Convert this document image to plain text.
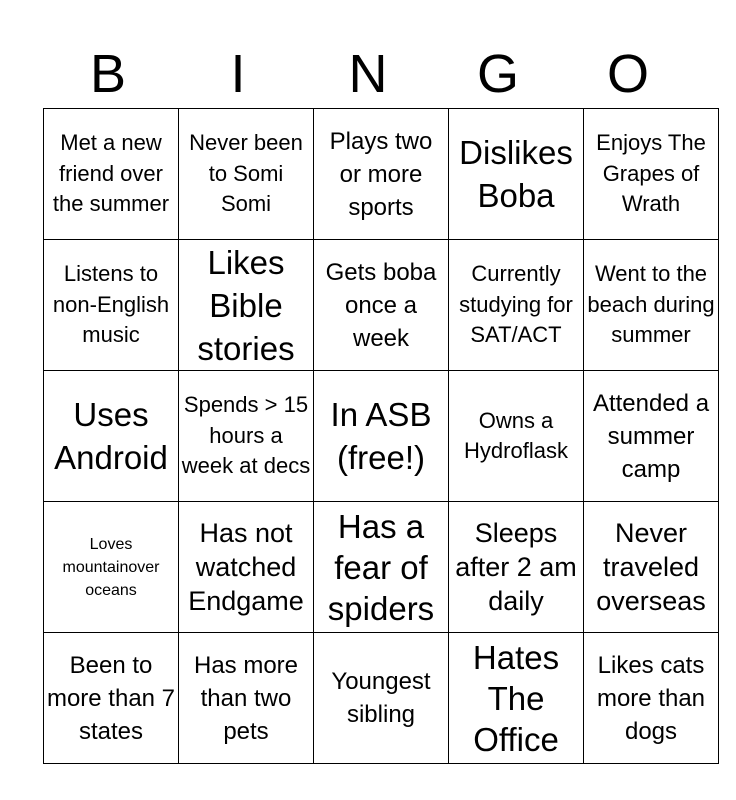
B	I	N	G	O
Met a new friend over the summer	Never been to Somi Somi	Plays two or more sports	Dislikes Boba	Enjoys The Grapes of Wrath
Listens to non-English music	Likes Bible stories	Gets boba once a week	Currently studying for SAT/ACT	Went to the beach during summer
Uses Android	Spends > 15 hours a week at decs	In ASB (free!)	Owns a Hydroflask	Attended a summer camp
Loves mountainover oceans	Has not watched Endgame	Has a fear of spiders	Sleeps after 2 am daily	Never traveled overseas
Been to more than 7 states	Has more than two pets	Youngest sibling	Hates The Office	Likes cats more than dogs
